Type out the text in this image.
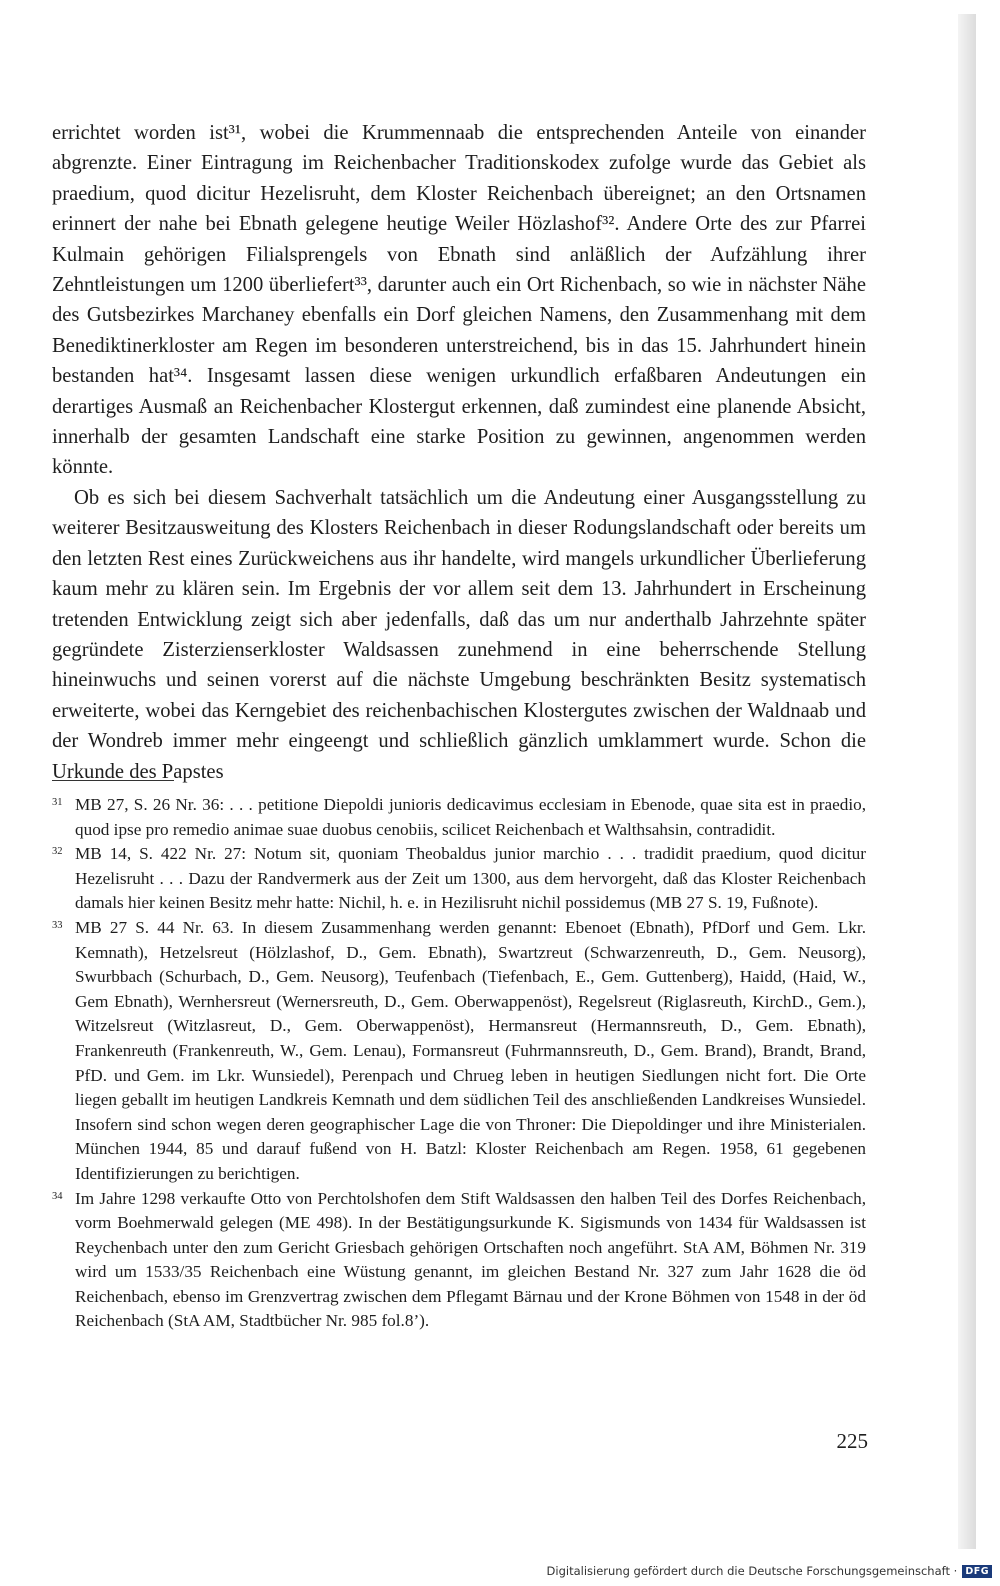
errichtet worden ist³¹, wobei die Krummennaab die entsprechenden Anteile von einander abgrenzte. Einer Eintragung im Reichenbacher Traditionskodex zufolge wurde das Gebiet als praedium, quod dicitur Hezelisruht, dem Kloster Reichenbach übereignet; an den Ortsnamen erinnert der nahe bei Ebnath gelegene heutige Weiler Hözlashof³². Andere Orte des zur Pfarrei Kulmain gehörigen Filialsprengels von Ebnath sind anläßlich der Aufzählung ihrer Zehntleistungen um 1200 überliefert³³, darunter auch ein Ort Richenbach, so wie in nächster Nähe des Gutsbezirkes Marchaney ebenfalls ein Dorf gleichen Namens, den Zusammenhang mit dem Benediktinerkloster am Regen im besonderen unterstreichend, bis in das 15. Jahrhundert hinein bestanden hat³⁴. Insgesamt lassen diese wenigen urkundlich erfaßbaren Andeutungen ein derartiges Ausmaß an Reichenbacher Klostergut erkennen, daß zumindest eine planende Absicht, innerhalb der gesamten Landschaft eine starke Position zu gewinnen, angenommen werden könnte.

Ob es sich bei diesem Sachverhalt tatsächlich um die Andeutung einer Ausgangsstellung zu weiterer Besitzausweitung des Klosters Reichenbach in dieser Rodungslandschaft oder bereits um den letzten Rest eines Zurückweichens aus ihr handelte, wird mangels urkundlicher Überlieferung kaum mehr zu klären sein. Im Ergebnis der vor allem seit dem 13. Jahrhundert in Erscheinung tretenden Entwicklung zeigt sich aber jedenfalls, daß das um nur anderthalb Jahrzehnte später gegründete Zisterzienserkloster Waldsassen zunehmend in eine beherrschende Stellung hineinwuchs und seinen vorerst auf die nächste Umgebung beschränkten Besitz systematisch erweiterte, wobei das Kerngebiet des reichenbachischen Klostergutes zwischen der Waldnaab und der Wondreb immer mehr eingeengt und schließlich gänzlich umklammert wurde. Schon die Urkunde des Papstes

31 MB 27, S. 26 Nr. 36: . . . petitione Diepoldi junioris dedicavimus ecclesiam in Ebenode, quae sita est in praedio, quod ipse pro remedio animae suae duobus cenobiis, scilicet Reichenbach et Walthsahsin, contradidit.

32 MB 14, S. 422 Nr. 27: Notum sit, quoniam Theobaldus junior marchio . . . tradidit praedium, quod dicitur Hezelisruht . . . Dazu der Randvermerk aus der Zeit um 1300, aus dem hervorgeht, daß das Kloster Reichenbach damals hier keinen Besitz mehr hatte: Nichil, h. e. in Hezilisruht nichil possidemus (MB 27 S. 19, Fußnote).

33 MB 27 S. 44 Nr. 63. In diesem Zusammenhang werden genannt: Ebenoet (Ebnath), PfDorf und Gem. Lkr. Kemnath), Hetzelsreut (Hölzlashof, D., Gem. Ebnath), Swartzreut (Schwarzenreuth, D., Gem. Neusorg), Swurbbach (Schurbach, D., Gem. Neusorg), Teufenbach (Tiefenbach, E., Gem. Guttenberg), Haidd, (Haid, W., Gem Ebnath), Wernhersreut (Wernersreuth, D., Gem. Oberwappenöst), Regelsreut (Riglasreuth, KirchD., Gem.), Witzelsreut (Witzlasreut, D., Gem. Oberwappenöst), Hermansreut (Hermannsreuth, D., Gem. Ebnath), Frankenreuth (Frankenreuth, W., Gem. Lenau), Formansreut (Fuhrmannsreuth, D., Gem. Brand), Brandt, Brand, PfD. und Gem. im Lkr. Wunsiedel), Perenpach und Chrueg leben in heutigen Siedlungen nicht fort. Die Orte liegen geballt im heutigen Landkreis Kemnath und dem südlichen Teil des anschließenden Landkreises Wunsiedel. Insofern sind schon wegen deren geographischer Lage die von Throner: Die Diepoldinger und ihre Ministerialen. München 1944, 85 und darauf fußend von H. Batzl: Kloster Reichenbach am Regen. 1958, 61 gegebenen Identifizierungen zu berichtigen.

34 Im Jahre 1298 verkaufte Otto von Perchtolshofen dem Stift Waldsassen den halben Teil des Dorfes Reichenbach, vorm Boehmerwald gelegen (ME 498). In der Bestätigungsurkunde K. Sigismunds von 1434 für Waldsassen ist Reychenbach unter den zum Gericht Griesbach gehörigen Ortschaften noch angeführt. StA AM, Böhmen Nr. 319 wird um 1533/35 Reichenbach eine Wüstung genannt, im gleichen Bestand Nr. 327 zum Jahr 1628 die öd Reichenbach, ebenso im Grenzvertrag zwischen dem Pflegamt Bärnau und der Krone Böhmen von 1548 in der öd Reichenbach (StA AM, Stadtbücher Nr. 985 fol.8’).

225
Digitalisierung gefördert durch die Deutsche Forschungsgemeinschaft · DFG
